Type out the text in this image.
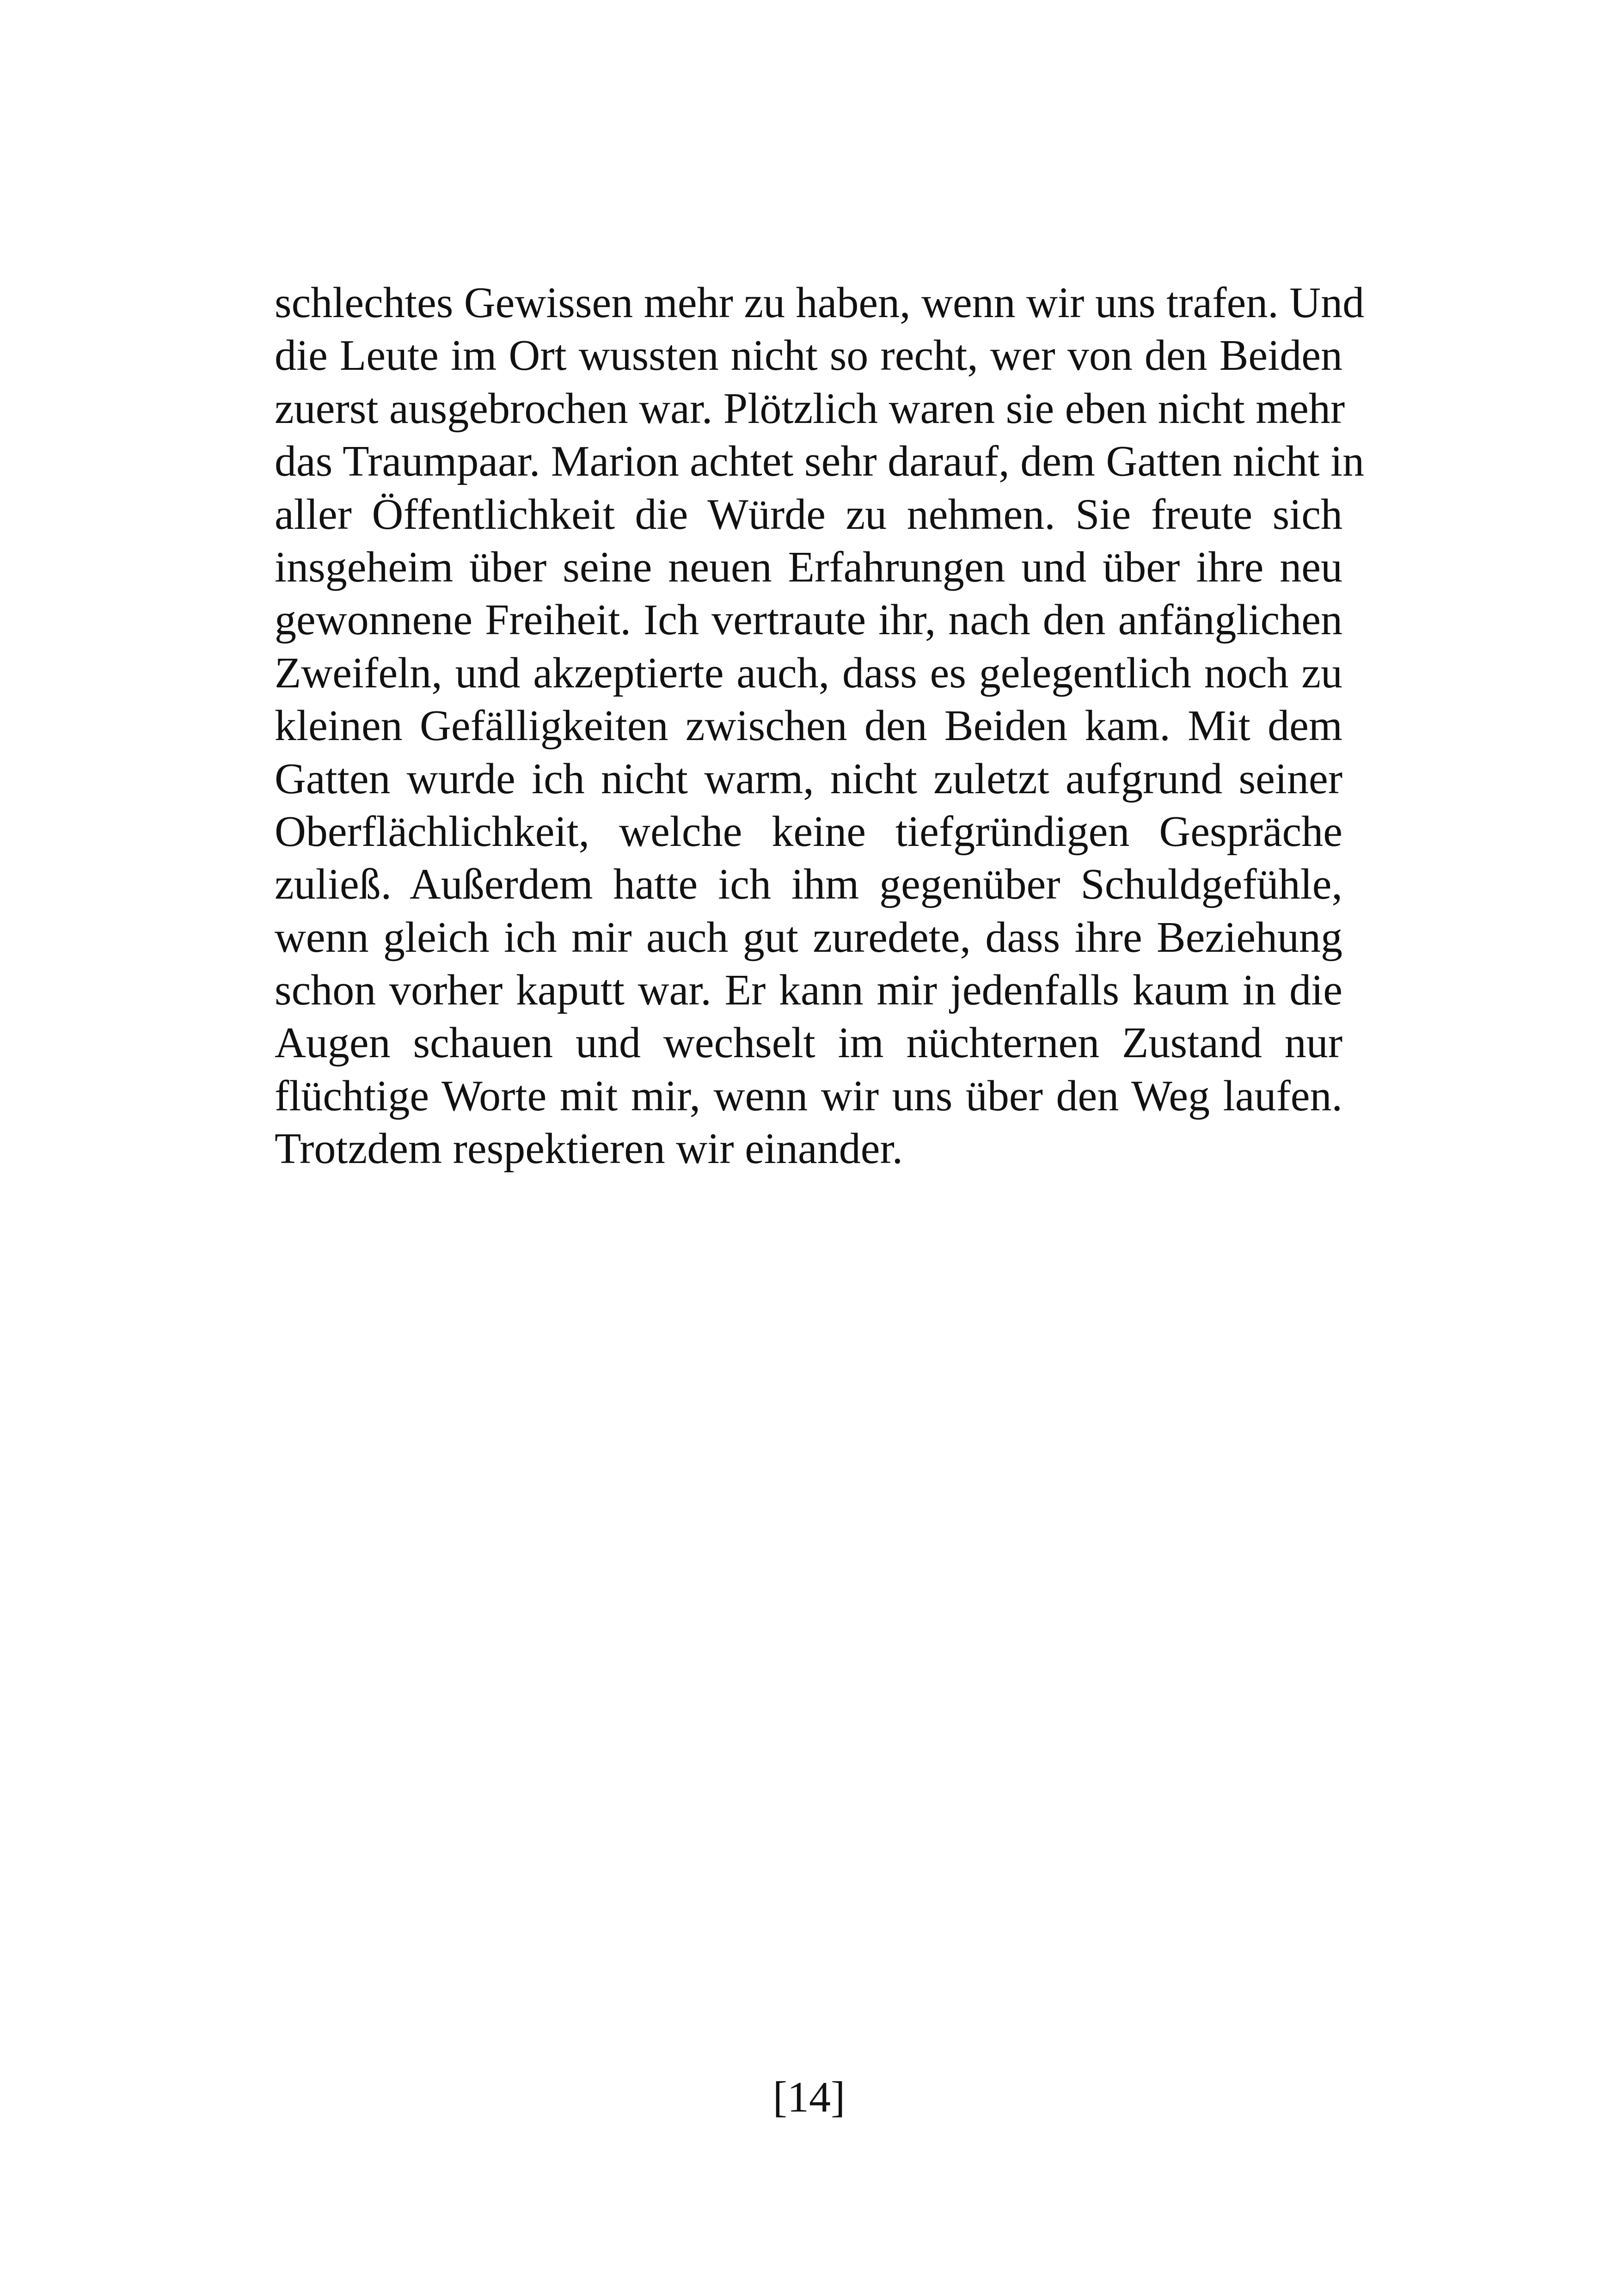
schlechtes Gewissen mehr zu haben, wenn wir uns trafen. Und
die Leute im Ort wussten nicht so recht, wer von den Beiden
zuerst ausgebrochen war. Plötzlich waren sie eben nicht mehr
das Traumpaar. Marion achtet sehr darauf, dem Gatten nicht in
aller Öffentlichkeit die Würde zu nehmen. Sie freute sich
insgeheim über seine neuen Erfahrungen und über ihre neu
gewonnene Freiheit. Ich vertraute ihr, nach den anfänglichen
Zweifeln, und akzeptierte auch, dass es gelegentlich noch zu
kleinen Gefälligkeiten zwischen den Beiden kam. Mit dem
Gatten wurde ich nicht warm, nicht zuletzt aufgrund seiner
Oberflächlichkeit, welche keine tiefgründigen Gespräche
zuließ. Außerdem hatte ich ihm gegenüber Schuldgefühle,
wenn gleich ich mir auch gut zuredete, dass ihre Beziehung
schon vorher kaputt war. Er kann mir jedenfalls kaum in die
Augen schauen und wechselt im nüchternen Zustand nur
flüchtige Worte mit mir, wenn wir uns über den Weg laufen.
Trotzdem respektieren wir einander.
[14]
